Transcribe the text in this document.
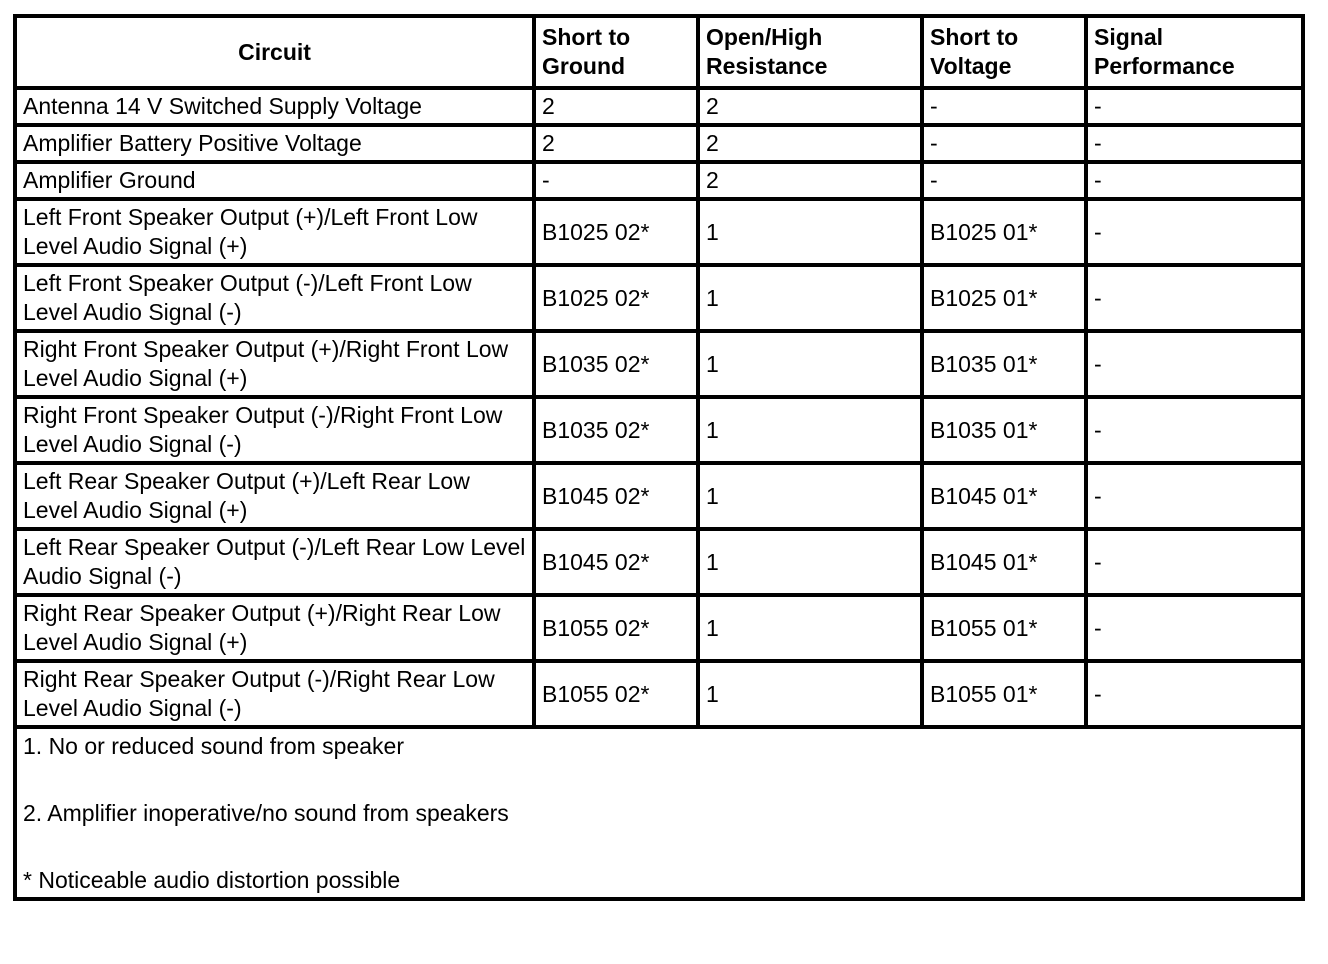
Circuit	Short to Ground	Open/High Resistance	Short to Voltage	Signal Performance
Antenna 14 V Switched Supply Voltage	2	2	-	-
Amplifier Battery Positive Voltage	2	2	-	-
Amplifier Ground	-	2	-	-
Left Front Speaker Output (+)/Left Front Low Level Audio Signal (+)	B1025 02*	1	B1025 01*	-
Left Front Speaker Output (-)/Left Front Low Level Audio Signal (-)	B1025 02*	1	B1025 01*	-
Right Front Speaker Output (+)/Right Front Low Level Audio Signal (+)	B1035 02*	1	B1035 01*	-
Right Front Speaker Output (-)/Right Front Low Level Audio Signal (-)	B1035 02*	1	B1035 01*	-
Left Rear Speaker Output (+)/Left Rear Low Level Audio Signal (+)	B1045 02*	1	B1045 01*	-
Left Rear Speaker Output (-)/Left Rear Low Level Audio Signal (-)	B1045 02*	1	B1045 01*	-
Right Rear Speaker Output (+)/Right Rear Low Level Audio Signal (+)	B1055 02*	1	B1055 01*	-
Right Rear Speaker Output (-)/Right Rear Low Level Audio Signal (-)	B1055 02*	1	B1055 01*	-

1. No or reduced sound from speaker
2. Amplifier inoperative/no sound from speakers
* Noticeable audio distortion possible				
